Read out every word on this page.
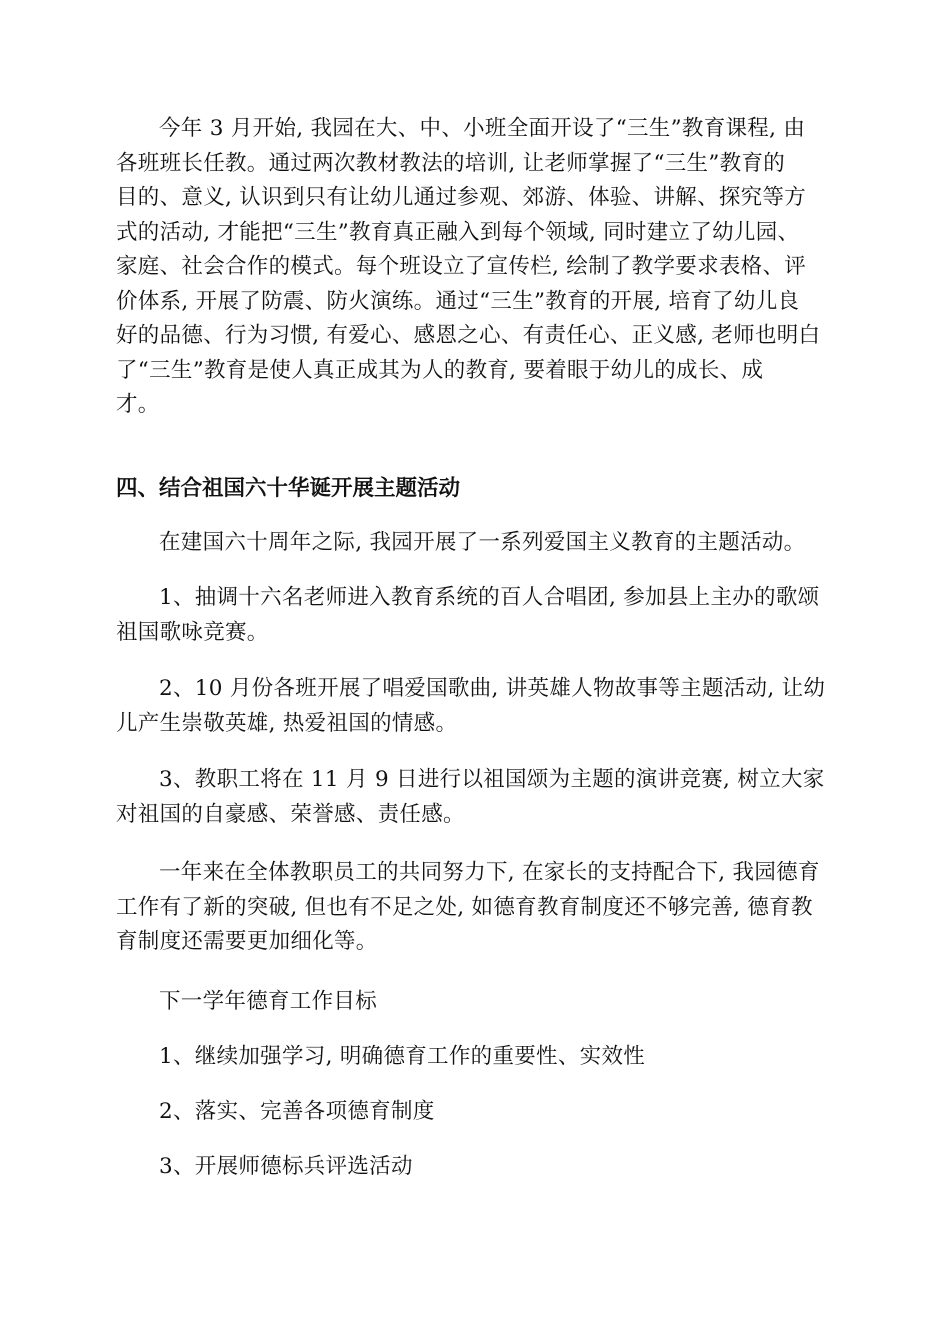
今年 3 月开始, 我园在大、中、小班全面开设了“三生”教育课程, 由
各班班长任教。通过两次教材教法的培训, 让老师掌握了“三生”教育的
目的、意义, 认识到只有让幼儿通过参观、郊游、体验、讲解、探究等方
式的活动, 才能把“三生”教育真正融入到每个领域, 同时建立了幼儿园、
家庭、社会合作的模式。每个班设立了宣传栏, 绘制了教学要求表格、评
价体系, 开展了防震、防火演练。通过“三生”教育的开展, 培育了幼儿良
好的品德、行为习惯, 有爱心、感恩之心、有责任心、正义感, 老师也明白
了“三生”教育是使人真正成其为人的教育, 要着眼于幼儿的成长、成
才。
四、结合祖国六十华诞开展主题活动
在建国六十周年之际, 我园开展了一系列爱国主义教育的主题活动。
1、抽调十六名老师进入教育系统的百人合唱团, 参加县上主办的歌颂
祖国歌咏竞赛。
2、10 月份各班开展了唱爱国歌曲, 讲英雄人物故事等主题活动, 让幼
儿产生崇敬英雄, 热爱祖国的情感。
3、教职工将在 11 月 9 日进行以祖国颂为主题的演讲竞赛, 树立大家
对祖国的自豪感、荣誉感、责任感。
一年来在全体教职员工的共同努力下, 在家长的支持配合下, 我园德育
工作有了新的突破, 但也有不足之处, 如德育教育制度还不够完善, 德育教
育制度还需要更加细化等。
下一学年德育工作目标
1、继续加强学习, 明确德育工作的重要性、实效性
2、落实、完善各项德育制度
3、开展师德标兵评选活动
